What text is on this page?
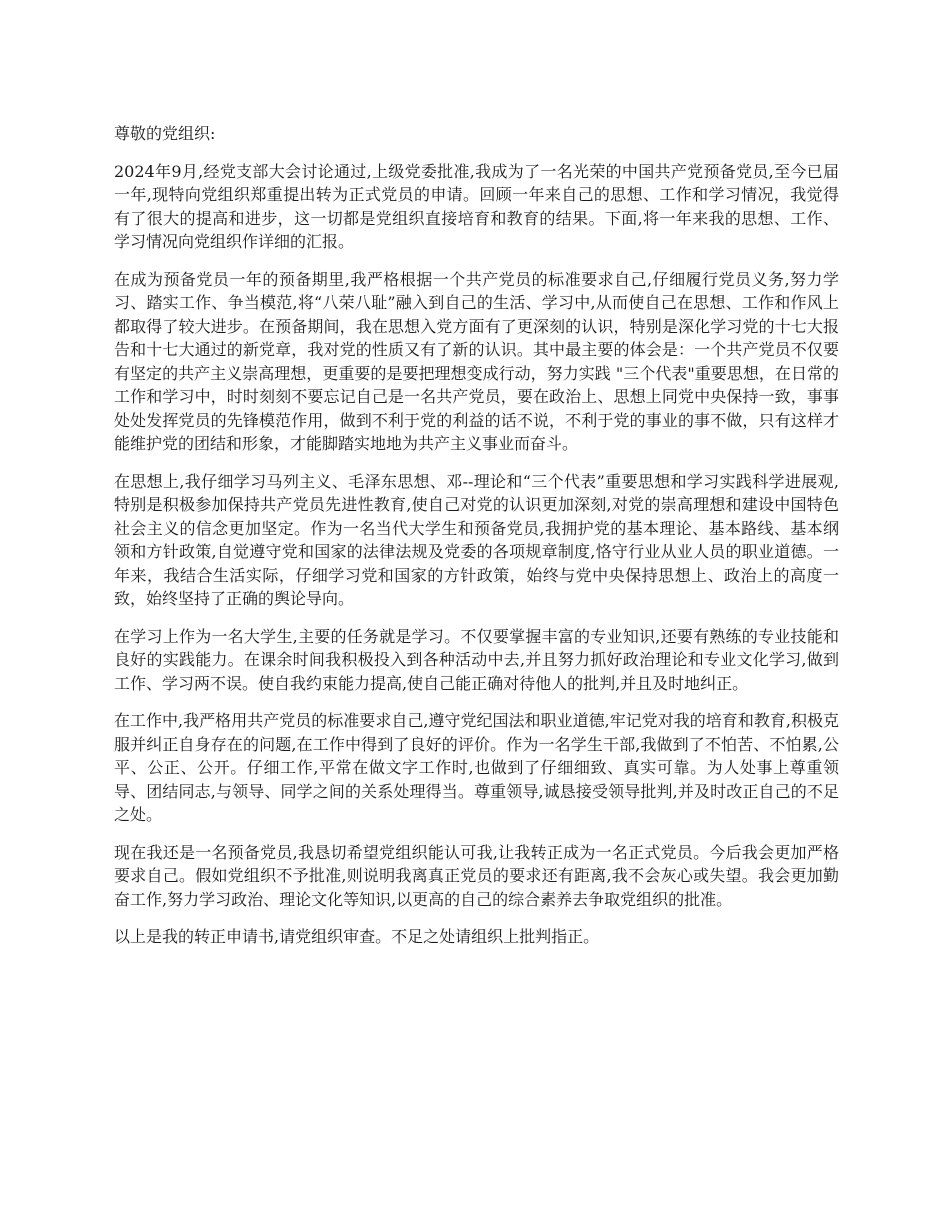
尊敬的党组织:

2024年9月,经党支部大会讨论通过,上级党委批准,我成为了一名光荣的中国共产党预备党员,至今已届一年,现特向党组织郑重提出转为正式党员的申请。回顾一年来自己的思想、工作和学习情况，我觉得有了很大的提高和进步，这一切都是党组织直接培育和教育的结果。下面,将一年来我的思想、工作、学习情况向党组织作详细的汇报。

在成为预备党员一年的预备期里,我严格根据一个共产党员的标准要求自己,仔细履行党员义务,努力学习、踏实工作、争当模范,将“八荣八耻”融入到自己的生活、学习中,从而使自己在思想、工作和作风上都取得了较大进步。在预备期间，我在思想入党方面有了更深刻的认识，特别是深化学习党的十七大报告和十七大通过的新党章，我对党的性质又有了新的认识。其中最主要的体会是：一个共产党员不仅要有坚定的共产主义崇高理想，更重要的是要把理想变成行动，努力实践 "三个代表"重要思想，在日常的工作和学习中，时时刻刻不要忘记自己是一名共产党员，要在政治上、思想上同党中央保持一致，事事处处发挥党员的先锋模范作用，做到不利于党的利益的话不说，不利于党的事业的事不做，只有这样才能维护党的团结和形象，才能脚踏实地地为共产主义事业而奋斗。

在思想上,我仔细学习马列主义、毛泽东思想、邓--理论和“三个代表”重要思想和学习实践科学进展观,特别是积极参加保持共产党员先进性教育,使自己对党的认识更加深刻,对党的崇高理想和建设中国特色社会主义的信念更加坚定。作为一名当代大学生和预备党员,我拥护党的基本理论、基本路线、基本纲领和方针政策,自觉遵守党和国家的法律法规及党委的各项规章制度,恪守行业从业人员的职业道德。一年来，我结合生活实际，仔细学习党和国家的方针政策，始终与党中央保持思想上、政治上的高度一致，始终坚持了正确的舆论导向。

在学习上作为一名大学生,主要的任务就是学习。不仅要掌握丰富的专业知识,还要有熟练的专业技能和良好的实践能力。在课余时间我积极投入到各种活动中去,并且努力抓好政治理论和专业文化学习,做到工作、学习两不误。使自我约束能力提高,使自己能正确对待他人的批判,并且及时地纠正。

在工作中,我严格用共产党员的标准要求自己,遵守党纪国法和职业道德,牢记党对我的培育和教育,积极克服并纠正自身存在的问题,在工作中得到了良好的评价。作为一名学生干部,我做到了不怕苦、不怕累,公平、公正、公开。仔细工作,平常在做文字工作时,也做到了仔细细致、真实可靠。为人处事上尊重领导、团结同志,与领导、同学之间的关系处理得当。尊重领导,诚恳接受领导批判,并及时改正自己的不足之处。

现在我还是一名预备党员,我恳切希望党组织能认可我,让我转正成为一名正式党员。今后我会更加严格要求自己。假如党组织不予批准,则说明我离真正党员的要求还有距离,我不会灰心或失望。我会更加勤奋工作,努力学习政治、理论文化等知识,以更高的自己的综合素养去争取党组织的批准。

以上是我的转正申请书,请党组织审查。不足之处请组织上批判指正。
